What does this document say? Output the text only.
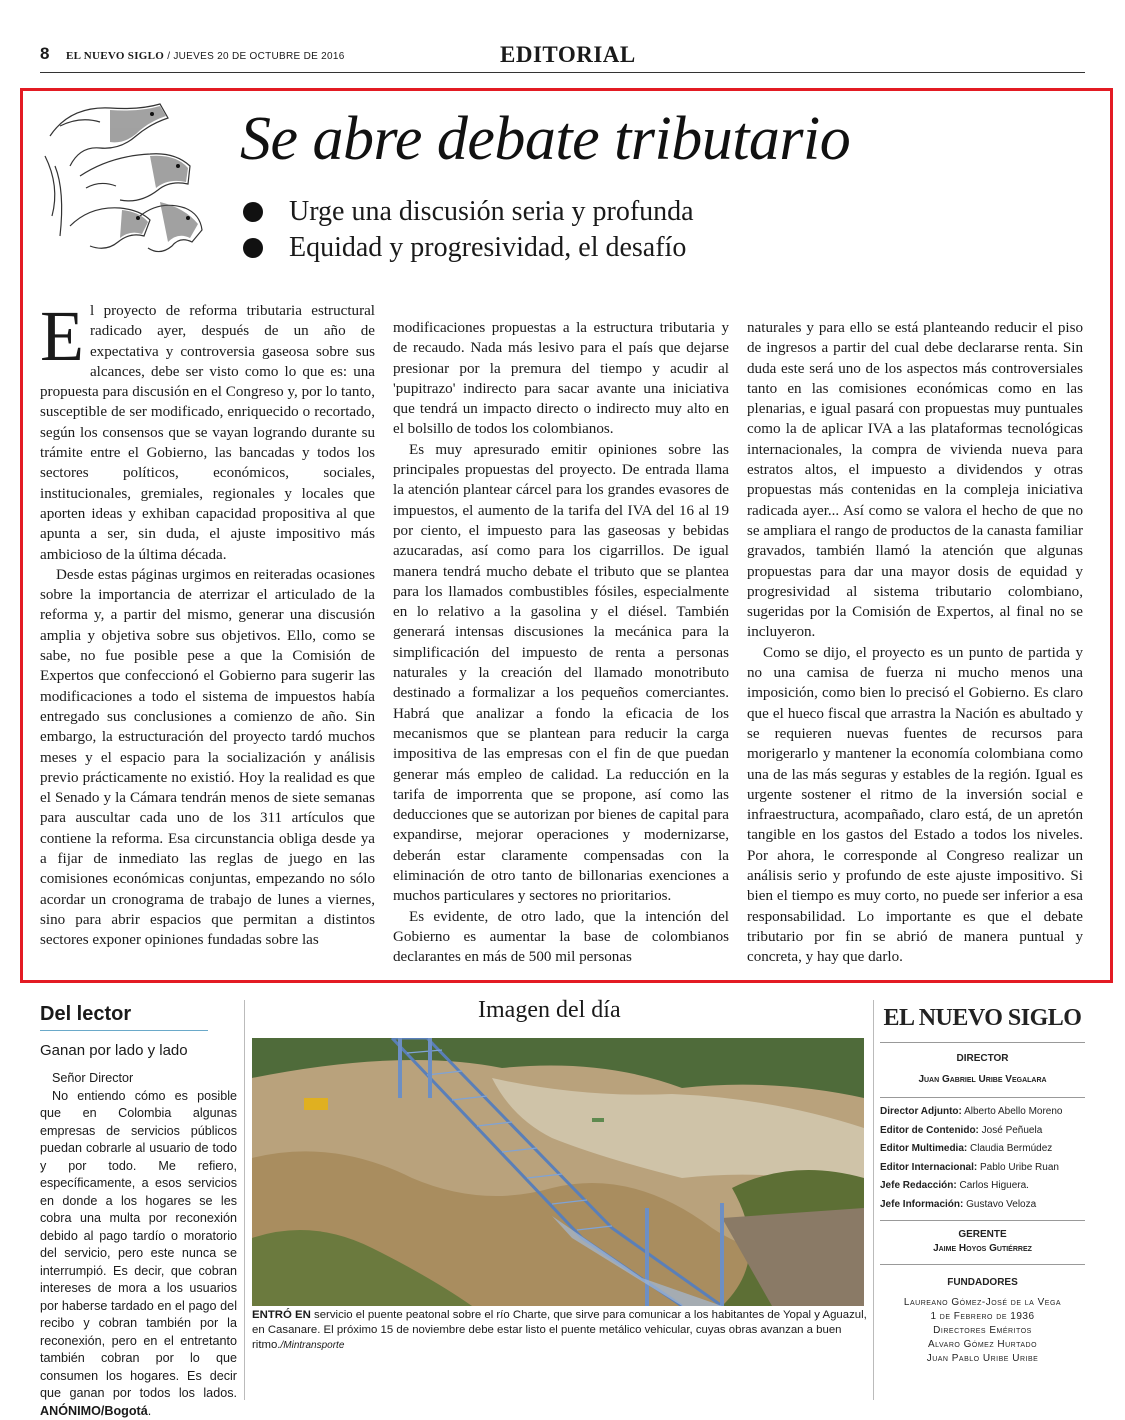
8 EL NUEVO SIGLO / JUEVES 20 DE OCTUBRE DE 2016	EDITORIAL
Se abre debate tributario
Urge una discusión seria y profunda
Equidad y progresividad, el desafío

El proyecto de reforma tributaria estructural radicado ayer, después de un año de expectativa y controversia gaseosa sobre sus alcances, debe ser visto como lo que es: una propuesta para discusión en el Congreso y, por lo tanto, susceptible de ser modificado, enriquecido o recortado, según los consensos que se vayan logrando durante su trámite entre el Gobierno, las bancadas y todos los sectores políticos, económicos, sociales, institucionales, gremiales, regionales y locales que aporten ideas y exhiban capacidad propositiva al que apunta a ser, sin duda, el ajuste impositivo más ambicioso de la última década.

Desde estas páginas urgimos en reiteradas ocasiones sobre la importancia de aterrizar el articulado de la reforma y, a partir del mismo, generar una discusión amplia y objetiva sobre sus objetivos. Ello, como se sabe, no fue posible pese a que la Comisión de Expertos que confeccionó el Gobierno para sugerir las modificaciones a todo el sistema de impuestos había entregado sus conclusiones a comienzo de año. Sin embargo, la estructuración del proyecto tardó muchos meses y el espacio para la socialización y análisis previo prácticamente no existió. Hoy la realidad es que el Senado y la Cámara tendrán menos de siete semanas para auscultar cada uno de los 311 artículos que contiene la reforma. Esa circunstancia obliga desde ya a fijar de inmediato las reglas de juego en las comisiones económicas conjuntas, empezando no sólo acordar un cronograma de trabajo de lunes a viernes, sino para abrir espacios que permitan a distintos sectores exponer opiniones fundadas sobre las

modificaciones propuestas a la estructura tributaria y de recaudo. Nada más lesivo para el país que dejarse presionar por la premura del tiempo y acudir al 'pupitrazo' indirecto para sacar avante una iniciativa que tendrá un impacto directo o indirecto muy alto en el bolsillo de todos los colombianos.

Es muy apresurado emitir opiniones sobre las principales propuestas del proyecto. De entrada llama la atención plantear cárcel para los grandes evasores de impuestos, el aumento de la tarifa del IVA del 16 al 19 por ciento, el impuesto para las gaseosas y bebidas azucaradas, así como para los cigarrillos. De igual manera tendrá mucho debate el tributo que se plantea para los llamados combustibles fósiles, especialmente en lo relativo a la gasolina y el diésel. También generará intensas discusiones la mecánica para la simplificación del impuesto de renta a personas naturales y la creación del llamado monotributo destinado a formalizar a los pequeños comerciantes. Habrá que analizar a fondo la eficacia de los mecanismos que se plantean para reducir la carga impositiva de las empresas con el fin de que puedan generar más empleo de calidad. La reducción en la tarifa de imporrenta que se propone, así como las deducciones que se autorizan por bienes de capital para expandirse, mejorar operaciones y modernizarse, deberán estar claramente compensadas con la eliminación de otro tanto de billonarias exenciones a muchos particulares y sectores no prioritarios.

Es evidente, de otro lado, que la intención del Gobierno es aumentar la base de colombianos declarantes en más de 500 mil personas

naturales y para ello se está planteando reducir el piso de ingresos a partir del cual debe declararse renta. Sin duda este será uno de los aspectos más controversiales tanto en las comisiones económicas como en las plenarias, e igual pasará con propuestas muy puntuales como la de aplicar IVA a las plataformas tecnológicas internacionales, la compra de vivienda nueva para estratos altos, el impuesto a dividendos y otras propuestas más contenidas en la compleja iniciativa radicada ayer... Así como se valora el hecho de que no se ampliara el rango de productos de la canasta familiar gravados, también llamó la atención que algunas propuestas para dar una mayor dosis de equidad y progresividad al sistema tributario colombiano, sugeridas por la Comisión de Expertos, al final no se incluyeron.

Como se dijo, el proyecto es un punto de partida y no una camisa de fuerza ni mucho menos una imposición, como bien lo precisó el Gobierno. Es claro que el hueco fiscal que arrastra la Nación es abultado y se requieren nuevas fuentes de recursos para morigerarlo y mantener la economía colombiana como una de las más seguras y estables de la región. Igual es urgente sostener el ritmo de la inversión social e infraestructura, acompañado, claro está, de un apretón tangible en los gastos del Estado a todos los niveles. Por ahora, le corresponde al Congreso realizar un análisis serio y profundo de este ajuste impositivo. Si bien el tiempo es muy corto, no puede ser inferior a esa responsabilidad. Lo importante es que el debate tributario por fin se abrió de manera puntual y concreta, y hay que darlo.

Del lector
Ganan por lado y lado

Señor Director

No entiendo cómo es posible que en Colombia algunas empresas de servicios públicos puedan cobrarle al usuario de todo y por todo. Me refiero, específicamente, a esos servicios en donde a los hogares se les cobra una multa por reconexión debido al pago tardío o moratorio del servicio, pero este nunca se interrumpió. Es decir, que cobran intereses de mora a los usuarios por haberse tardado en el pago del recibo y cobran también por la reconexión, pero en el entretanto también cobran por lo que consumen los hogares. Es decir que ganan por todos los lados. ANÓNIMO/Bogotá.

Imagen del día
ENTRÓ EN servicio el puente peatonal sobre el río Charte, que sirve para comunicar a los habitantes de Yopal y Aguazul, en Casanare. El próximo 15 de noviembre debe estar listo el puente metálico vehicular, cuyas obras avanzan a buen ritmo./Mintransporte
EL NUEVO SIGLO
DIRECTOR
Juan Gabriel Uribe Vegalara
Director Adjunto: Alberto Abello Moreno
Editor de Contenido: José Peñuela
Editor Multimedia: Claudia Bermúdez
Editor Internacional: Pablo Uribe Ruan
Jefe Redacción: Carlos Higuera.
Jefe Información: Gustavo Veloza
GERENTE
Jaime Hoyos Gutiérrez
FUNDADORES
Laureano Gómez-José de la Vega
1 de Febrero de 1936
Directores Eméritos
Alvaro Gómez Hurtado
Juan Pablo Uribe Uribe
